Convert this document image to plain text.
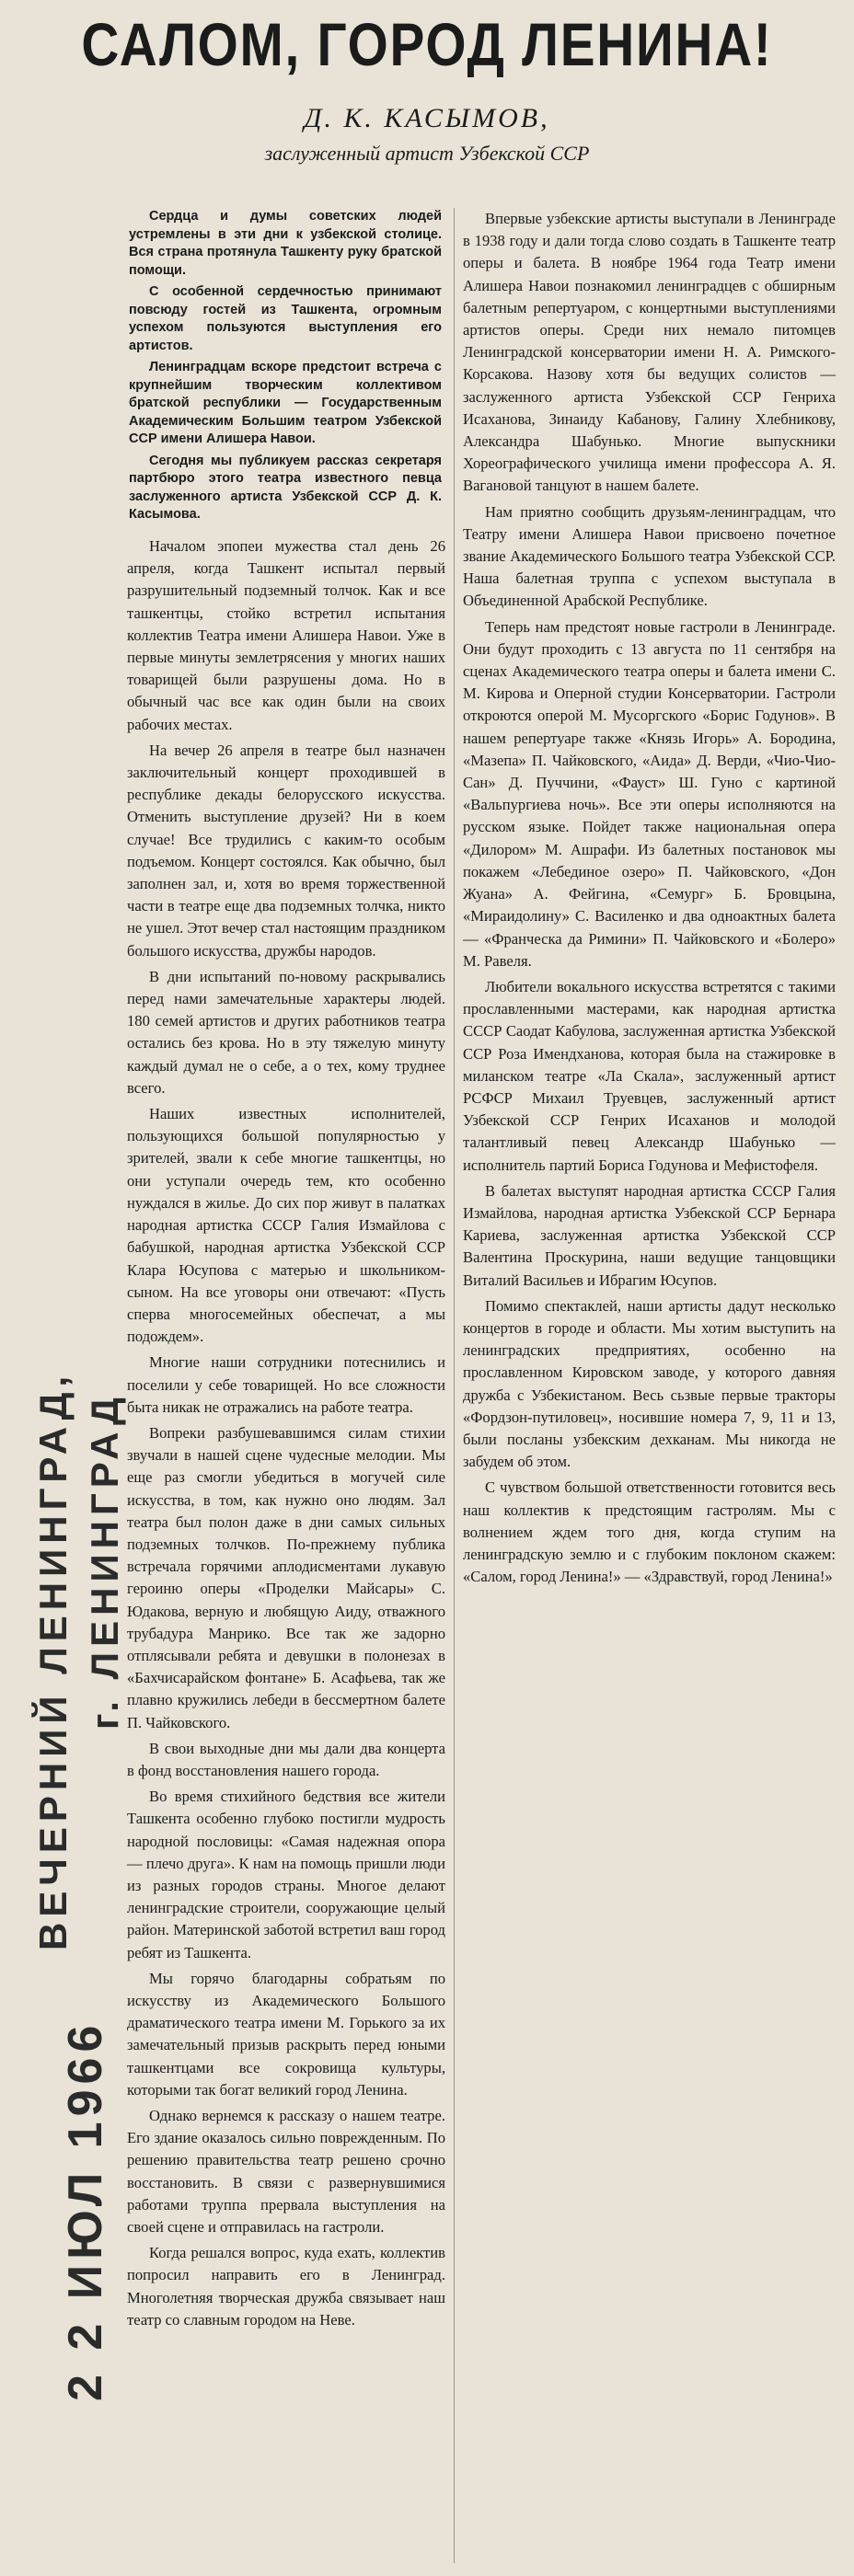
САЛОМ, ГОРОД ЛЕНИНА!
Д. К. КАСЫМОВ,
заслуженный артист Узбекской ССР

Сердца и думы советских людей устремлены в эти дни к узбекской столице. Вся страна протянула Ташкенту руку братской помощи.

С особенной сердечностью принимают повсюду гостей из Ташкента, огромным успехом пользуются выступления его артистов.

Ленинградцам вскоре предстоит встреча с крупнейшим творческим коллективом братской республики — Государственным Академическим Большим театром Узбекской ССР имени Алишера Навои.

Сегодня мы публикуем рассказ секретаря партбюро этого театра известного певца заслуженного артиста Узбекской ССР Д. К. Касымова.

Началом эпопеи мужества стал день 26 апреля, когда Ташкент испытал первый разрушительный подземный толчок. Как и все ташкентцы, стойко встретил испытания коллектив Театра имени Алишера Навои. Уже в первые минуты землетрясения у многих наших товарищей были разрушены дома. Но в обычный час все как один были на своих рабочих местах.

На вечер 26 апреля в театре был назначен заключительный концерт проходившей в республике декады белорусского искусства. Отменить выступление друзей? Ни в коем случае! Все трудились с каким-то особым подъемом. Концерт состоялся. Как обычно, был заполнен зал, и, хотя во время торжественной части в театре еще два подземных толчка, никто не ушел. Этот вечер стал настоящим праздником большого искусства, дружбы народов.

В дни испытаний по-новому раскрывались перед нами замечательные характеры людей. 180 семей артистов и других работников театра остались без крова. Но в эту тяжелую минуту каждый думал не о себе, а о тех, кому труднее всего.

Наших известных исполнителей, пользующихся большой популярностью у зрителей, звали к себе многие ташкентцы, но они уступали очередь тем, кто особенно нуждался в жилье. До сих пор живут в палатках народная артистка СССР Галия Измайлова с бабушкой, народная артистка Узбекской ССР Клара Юсупова с матерью и школьником-сыном. На все уговоры они отвечают: «Пусть сперва многосемейных обеспечат, а мы подождем».

Многие наши сотрудники потеснились и поселили у себе товарищей. Но все сложности быта никак не отражались на работе театра.

Вопреки разбушевавшимся силам стихии звучали в нашей сцене чудесные мелодии. Мы еще раз смогли убедиться в могучей силе искусства, в том, как нужно оно людям. Зал театра был полон даже в дни самых сильных подземных толчков. По-прежнему публика встречала горячими аплодисментами лукавую героиню оперы «Проделки Майсары» С. Юдакова, верную и любящую Аиду, отважного трубадура Манрико. Все так же задорно отплясывали ребята и девушки в полонезах в «Бахчисарайском фонтане» Б. Асафьева, так же плавно кружились лебеди в бессмертном балете П. Чайковского.

В свои выходные дни мы дали два концерта в фонд восстановления нашего города.

Во время стихийного бедствия все жители Ташкента особенно глубоко постигли мудрость народной пословицы: «Самая надежная опора — плечо друга». К нам на помощь пришли люди из разных городов страны. Многое делают ленинградские строители, сооружающие целый район. Материнской заботой встретил ваш город ребят из Ташкента.

Мы горячо благодарны собратьям по искусству из Академического Большого драматического театра имени М. Горького за их замечательный призыв раскрыть перед юными ташкентцами все сокровища культуры, которыми так богат великий город Ленина.

Однако вернемся к рассказу о нашем театре. Его здание оказалось сильно поврежденным. По решению правительства театр решено срочно восстановить. В связи с развернувшимися работами труппа прервала выступления на своей сцене и отправилась на гастроли.

Когда решался вопрос, куда ехать, коллектив попросил направить его в Ленинград. Многолетняя творческая дружба связывает наш театр со славным городом на Неве.

Впервые узбекские артисты выступали в Ленинграде в 1938 году и дали тогда слово создать в Ташкенте театр оперы и балета. В ноябре 1964 года Театр имени Алишера Навои познакомил ленинградцев с обширным балетным репертуаром, с концертными выступлениями артистов оперы. Среди них немало питомцев Ленинградской консерватории имени Н. А. Римского-Корсакова. Назову хотя бы ведущих солистов — заслуженного артиста Узбекской ССР Генриха Исаханова, Зинаиду Кабанову, Галину Хлебникову, Александра Шабунько. Многие выпускники Хореографического училища имени профессора А. Я. Вагановой танцуют в нашем балете.

Нам приятно сообщить друзьям-ленинградцам, что Театру имени Алишера Навои присвоено почетное звание Академического Большого театра Узбекской ССР. Наша балетная труппа с успехом выступала в Объединенной Арабской Республике.

Теперь нам предстоят новые гастроли в Ленинграде. Они будут проходить с 13 августа по 11 сентября на сценах Академического театра оперы и балета имени С. М. Кирова и Оперной студии Консерватории. Гастроли откроются оперой М. Мусоргского «Борис Годунов». В нашем репертуаре также «Князь Игорь» А. Бородина, «Мазепа» П. Чайковского, «Аида» Д. Верди, «Чио-Чио-Сан» Д. Пуччини, «Фауст» Ш. Гуно с картиной «Вальпургиева ночь». Все эти оперы исполняются на русском языке. Пойдет также национальная опера «Дилором» М. Ашрафи. Из балетных постановок мы покажем «Лебединое озеро» П. Чайковского, «Дон Жуана» А. Фейгина, «Семург» Б. Бровцына, «Мираидолину» С. Василенко и два одноактных балета — «Франческа да Римини» П. Чайковского и «Болеро» М. Равеля.

Любители вокального искусства встретятся с такими прославленными мастерами, как народная артистка СССР Саодат Кабулова, заслуженная артистка Узбекской ССР Роза Имендханова, которая была на стажировке в миланском театре «Ла Скала», заслуженный артист РСФСР Михаил Труевцев, заслуженный артист Узбекской ССР Генрих Исаханов и молодой талантливый певец Александр Шабунько — исполнитель партий Бориса Годунова и Мефистофеля.

В балетах выступят народная артистка СССР Галия Измайлова, народная артистка Узбекской ССР Бернара Кариева, заслуженная артистка Узбекской ССР Валентина Проскурина, наши ведущие танцовщики Виталий Васильев и Ибрагим Юсупов.

Помимо спектаклей, наши артисты дадут несколько концертов в городе и области. Мы хотим выступить на ленинградских предприятиях, особенно на прославленном Кировском заводе, у которого давняя дружба с Узбекистаном. Весь сьзвые первые тракторы «Фордзон-путиловец», носившие номера 7, 9, 11 и 13, были посланы узбекским дехканам. Мы никогда не забудем об этом.

С чувством большой ответственности готовится весь наш коллектив к предстоящим гастролям. Мы с волнением ждем того дня, когда ступим на ленинградскую землю и с глубоким поклоном скажем: «Салом, город Ленина!» — «Здравствуй, город Ленина!»

ВЕЧЕРНИЙ ЛЕНИНГРАД, г. ЛЕНИНГРАД
2 2 ИЮЛ 1966
